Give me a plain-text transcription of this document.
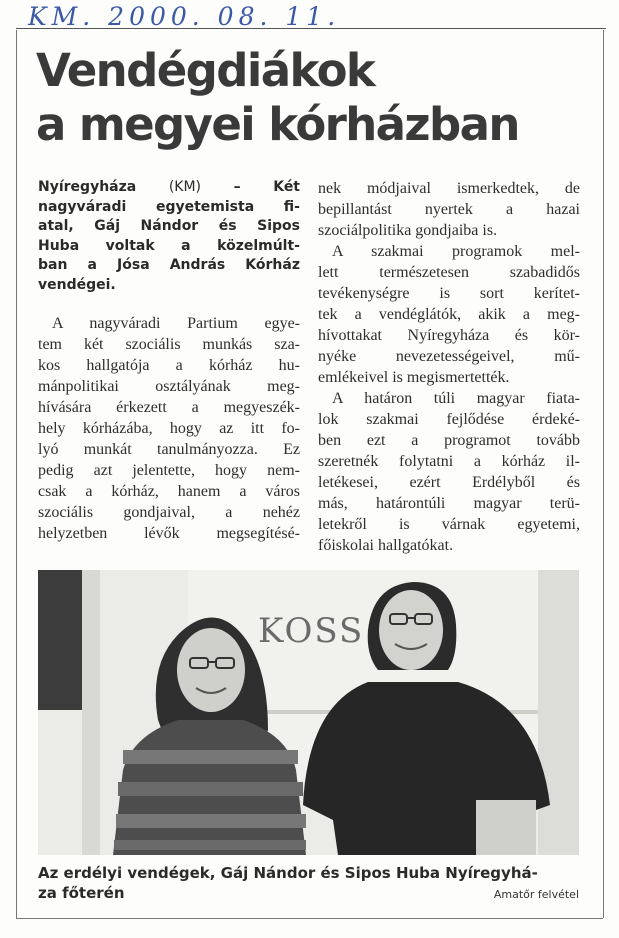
KM. 2000. 08. 11.
Vendégdiákok
a megyei kórházban
Nyíregyháza (KM) – Két
nagyváradi egyetemista fi-
atal, Gáj Nándor és Sipos
Huba voltak a közelmúlt-
ban a Jósa András Kórház
vendégei.
A nagyváradi Partium egye-
tem két szociális munkás sza-
kos hallgatója a kórház hu-
mánpolitikai osztályának meg-
hívására érkezett a megyeszék-
hely kórházába, hogy az itt fo-
lyó munkát tanulmányozza. Ez
pedig azt jelentette, hogy nem-
csak a kórház, hanem a város
szociális gondjaival, a nehéz
helyzetben lévők megsegítésé-
nek módjaival ismerkedtek, de
bepillantást nyertek a hazai
szociálpolitika gondjaiba is.
A szakmai programok mel-
lett természetesen szabadidős
tevékenységre is sort kerítet-
tek a vendéglátók, akik a meg-
hívottakat Nyíregyháza és kör-
nyéke nevezetességeivel, mű-
emlékeivel is megismertették.
A határon túli magyar fiata-
lok szakmai fejlődése érdeké-
ben ezt a programot tovább
szeretnék folytatni a kórház il-
letékesei, ezért Erdélyből és
más, határontúli magyar terü-
letekről is várnak egyetemi,
főiskolai hallgatókat.
KOSS
Az erdélyi vendégek, Gáj Nándor és Sipos Huba Nyíregyhá-
za főterén	Amatőr felvétel
